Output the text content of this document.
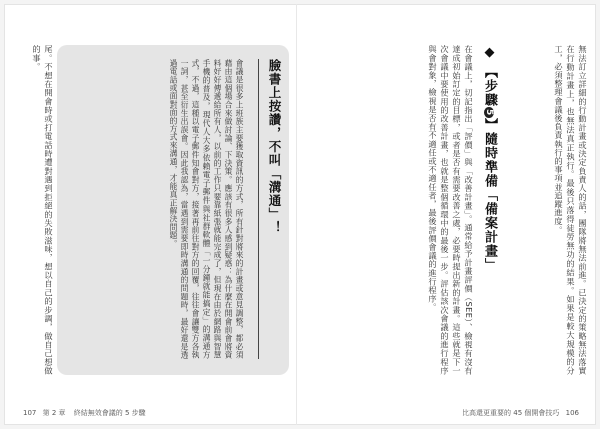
臉書上按讚，不叫「溝通」！
會議是很多上班族主要獲取資訊的方式，所有針對將來的計畫或意見調整，都必須藉由這個場合來做討論、下決策。應該有很多人感到疑惑：為什麼在開會前會將資料好好傳遞給所有人，以前的工作只要靠紙張就能完成了，但現在由於網路與智慧手機的普及，現代人大多依賴電子郵件與社群軟體「一分鐘就能搞定」的溝通方式，不過，這種以電子郵件知會對方，接著再前往對方的回覆，往往會讓雙方各執一詞，甚至衍生出誤會。因此我認為，當遇到需要即時溝通的問題時，最好還是透過電話或面對面的方式來溝通，才能真正解決問題。
尾。不想在開會時或打電話時遭對遇到拒絕的失敗滋味，想以自己的步調，做自己想做的事。
107 第 2 章 終結無效會議的 5 步驟
無法訂立詳細的行動計畫或決定負責人的話，團隊將無法前進。已決定的策略無法落實在行動計畫上，也無法真正執行。最後只落得徒勞無功的結果。如果是較大規模的分工，必須整理會議後負責執行的事項並追蹤進度。
◆【步驟5】隨時準備「備案計畫」
在會議上，切記指出「評價」與「改善計畫」。通常給予計畫評價（SEE）、檢視有沒有達成初始訂定的目標，或者是否有需要改善之處，必要時提出新的計畫。這些就是下一次會議中要使用的改善計畫，也就是整個循環中的最後一步。評估該次會議的進行程序與會對象，檢視是否有不適任或不適任者，最後評價會議的進行程序。
比高還更重要的 45 個開會技巧 106
